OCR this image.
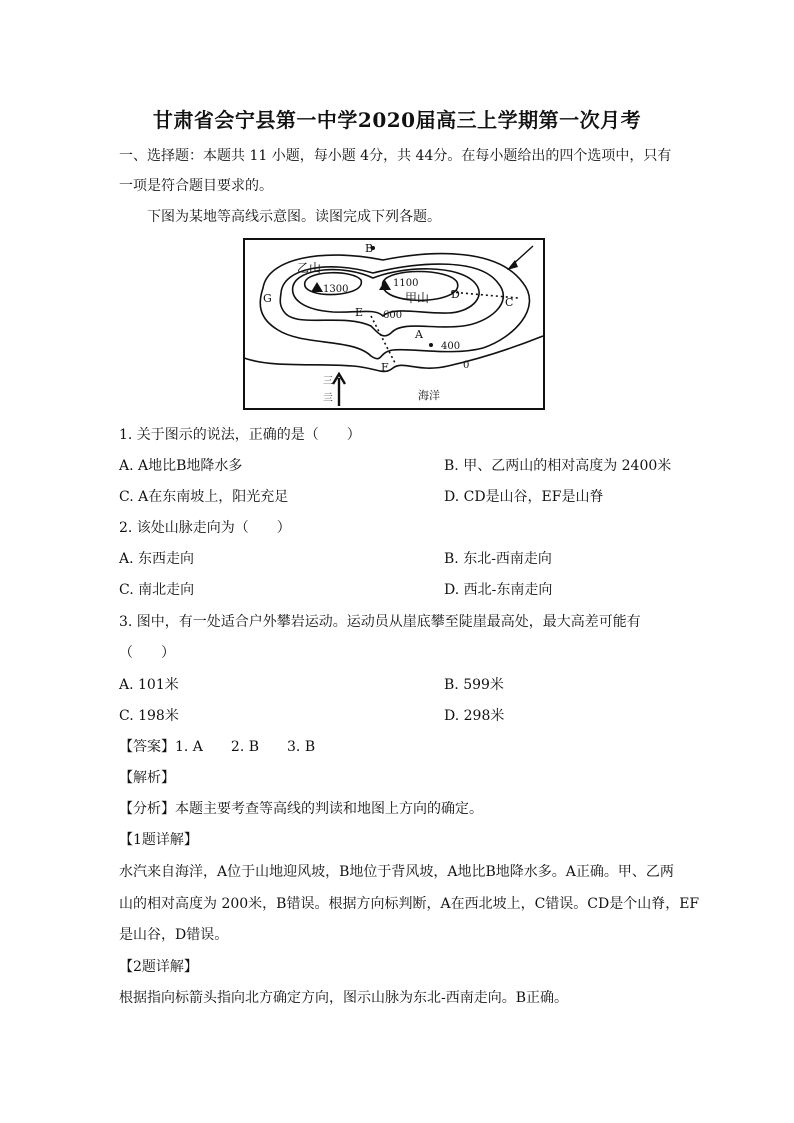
甘肃省会宁县第一中学2020届高三上学期第一次月考
一、选择题：本题共 11 小题，每小题 4分，共 44分。在每小题给出的四个选项中，只有
一项是符合题目要求的。
下图为某地等高线示意图。读图完成下列各题。
B
G
E
A
D
C
F
乙山
甲山
1300
1100
600
400
0
海洋
三
亖
1. 关于图示的说法，正确的是（　　）
A. A地比B地降水多	B. 甲、乙两山的相对高度为 2400米
C. A在东南坡上，阳光充足	D. CD是山谷，EF是山脊
2. 该处山脉走向为（　　）
A. 东西走向	B. 东北-西南走向
C. 南北走向	D. 西北-东南走向
3. 图中，有一处适合户外攀岩运动。运动员从崖底攀至陡崖最高处，最大高差可能有
（　　）
A. 101米	B. 599米
C. 198米	D. 298米
【答案】1. A　　2. B　　3. B
【解析】
【分析】本题主要考查等高线的判读和地图上方向的确定。
【1题详解】
水汽来自海洋，A位于山地迎风坡，B地位于背风坡，A地比B地降水多。A正确。甲、乙两
山的相对高度为 200米，B错误。根据方向标判断，A在西北坡上，C错误。CD是个山脊，EF
是山谷，D错误。
【2题详解】
根据指向标箭头指向北方确定方向，图示山脉为东北-西南走向。B正确。
